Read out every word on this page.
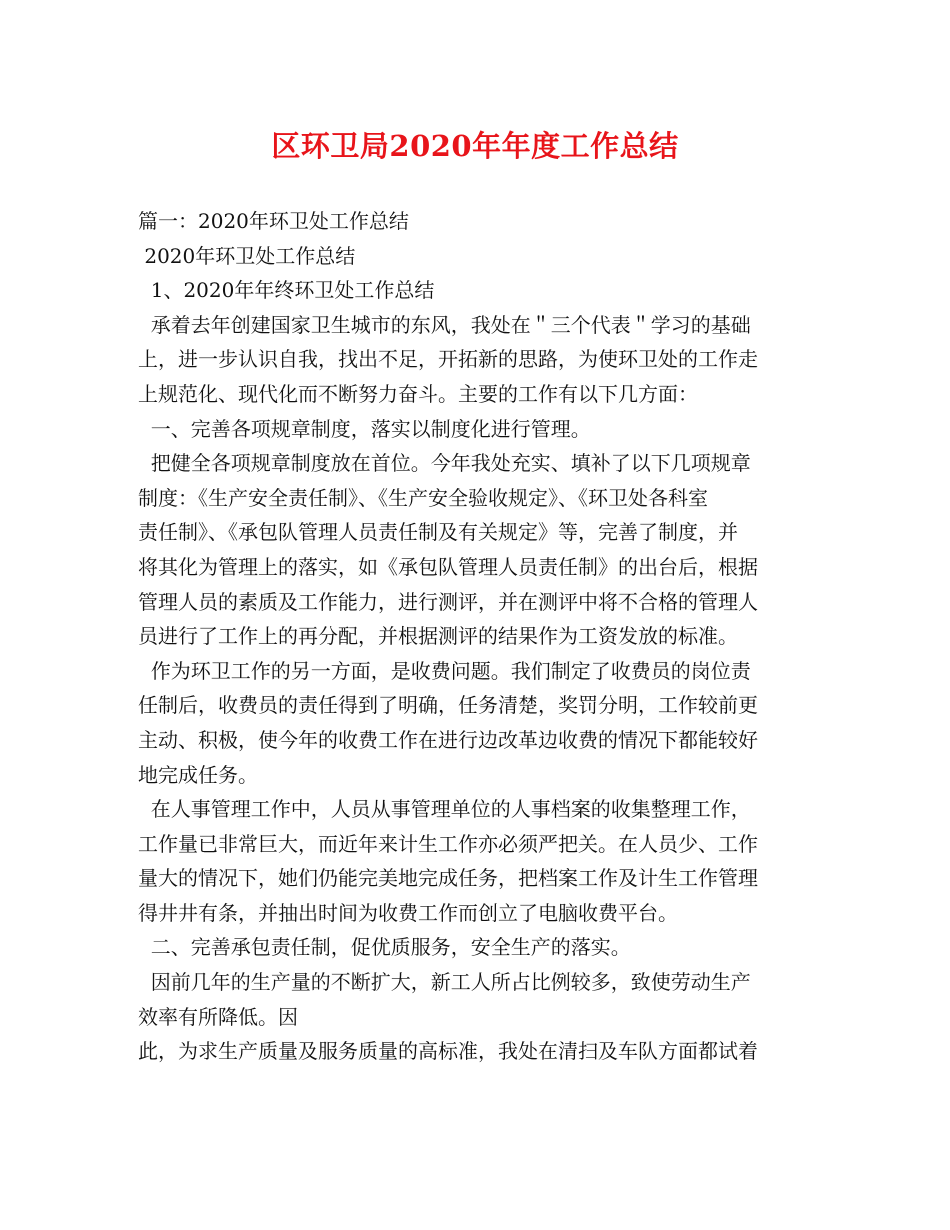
区环卫局2020年年度工作总结
篇一：2020年环卫处工作总结
2020年环卫处工作总结
1、2020年年终环卫处工作总结
承着去年创建国家卫生城市的东风，我处在＂三个代表＂学习的基础
上，进一步认识自我，找出不足，开拓新的思路，为使环卫处的工作走
上规范化、现代化而不断努力奋斗。主要的工作有以下几方面：
一、完善各项规章制度，落实以制度化进行管理。
把健全各项规章制度放在首位。今年我处充实、填补了以下几项规章
制度：《生产安全责任制》、《生产安全验收规定》、《环卫处各科室
责任制》、《承包队管理人员责任制及有关规定》等，完善了制度，并
将其化为管理上的落实，如《承包队管理人员责任制》的出台后，根据
管理人员的素质及工作能力，进行测评，并在测评中将不合格的管理人
员进行了工作上的再分配，并根据测评的结果作为工资发放的标准。
作为环卫工作的另一方面，是收费问题。我们制定了收费员的岗位责
任制后，收费员的责任得到了明确，任务清楚，奖罚分明，工作较前更
主动、积极，使今年的收费工作在进行边改革边收费的情况下都能较好
地完成任务。
在人事管理工作中，人员从事管理单位的人事档案的收集整理工作，
工作量已非常巨大，而近年来计生工作亦必须严把关。在人员少、工作
量大的情况下，她们仍能完美地完成任务，把档案工作及计生工作管理
得井井有条，并抽出时间为收费工作而创立了电脑收费平台。
二、完善承包责任制，促优质服务，安全生产的落实。
因前几年的生产量的不断扩大，新工人所占比例较多，致使劳动生产
效率有所降低。因
此，为求生产质量及服务质量的高标准，我处在清扫及车队方面都试着
